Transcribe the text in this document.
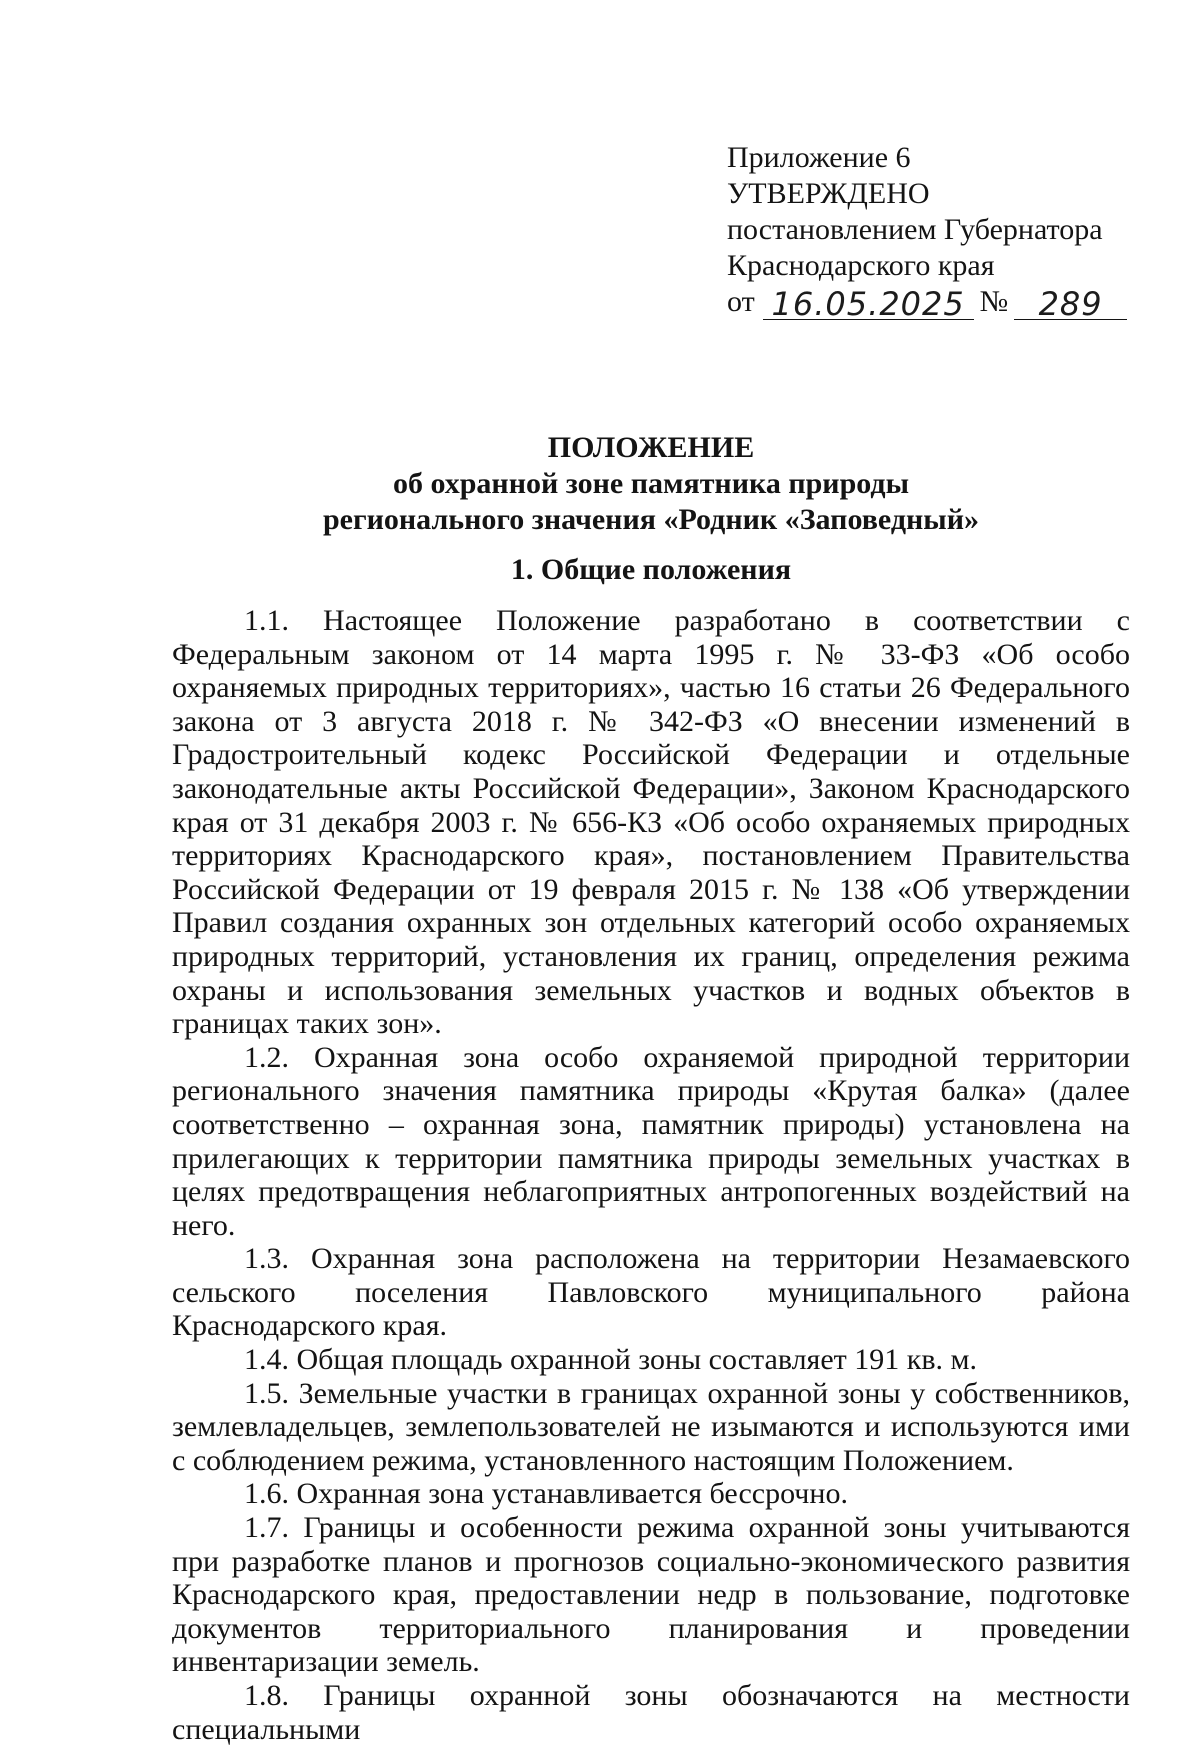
Приложение 6

УТВЕРЖДЕНО

постановлением Губернатора

Краснодарского края

от 16.05.2025 № 289

ПОЛОЖЕНИЕ

об охранной зоне памятника природы

регионального значения «Родник «Заповедный»

1. Общие положения

1.1. Настоящее Положение разработано в соответствии с Федеральным законом от 14 марта 1995 г. № 33-ФЗ «Об особо охраняемых природных территориях», частью 16 статьи 26 Федерального закона от 3 августа 2018 г. № 342-ФЗ «О внесении изменений в Градостроительный кодекс Российской Федерации и отдельные законодательные акты Российской Федерации», Законом Краснодарского края от 31 декабря 2003 г. № 656-КЗ «Об особо охраняемых природных территориях Краснодарского края», постановлением Правительства Российской Федерации от 19 февраля 2015 г. № 138 «Об утверждении Правил создания охранных зон отдельных категорий особо охраняемых природных территорий, установления их границ, определения режима охраны и использования земельных участков и водных объектов в границах таких зон».

1.2. Охранная зона особо охраняемой природной территории регионального значения памятника природы «Крутая балка» (далее соответственно – охранная зона, памятник природы) установлена на прилегающих к территории памятника природы земельных участках в целях предотвращения неблагоприятных антропогенных воздействий на него.

1.3. Охранная зона расположена на территории Незамаевского сельского поселения Павловского муниципального района Краснодарского края.

1.4. Общая площадь охранной зоны составляет 191 кв. м.

1.5. Земельные участки в границах охранной зоны у собственников, землевладельцев, землепользователей не изымаются и используются ими с соблюдением режима, установленного настоящим Положением.

1.6. Охранная зона устанавливается бессрочно.

1.7. Границы и особенности режима охранной зоны учитываются при разработке планов и прогнозов социально-экономического развития Краснодарского края, предоставлении недр в пользование, подготовке документов территориального планирования и проведении инвентаризации земель.

1.8. Границы охранной зоны обозначаются на местности специальными
